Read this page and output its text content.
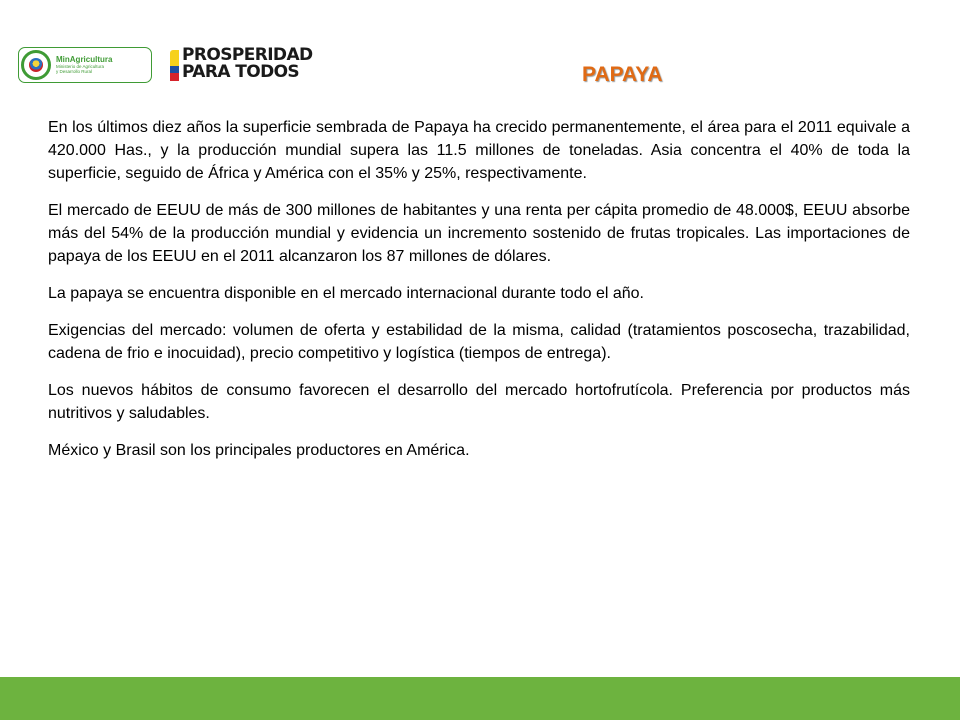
MinAgricultura
Ministerio de Agricultura
y Desarrollo Rural
PROSPERIDAD
PARA TODOS	PAPAYA

En los últimos diez años la superficie sembrada de Papaya ha crecido permanentemente, el área para el 2011 equivale a 420.000 Has., y la producción mundial supera las 11.5 millones de toneladas. Asia concentra el 40% de toda la superficie, seguido de África y América con el 35% y 25%, respectivamente.

El mercado de EEUU de más de 300 millones de habitantes y una renta per cápita promedio de 48.000$, EEUU absorbe más del 54% de la producción mundial y evidencia un incremento sostenido de frutas tropicales. Las importaciones de papaya de los EEUU en el 2011 alcanzaron los 87 millones de dólares.

La papaya se encuentra disponible en el mercado internacional durante todo el año.

Exigencias del mercado: volumen de oferta y estabilidad de la misma, calidad (tratamientos poscosecha, trazabilidad, cadena de frio e inocuidad), precio competitivo y logística (tiempos de entrega).

Los nuevos hábitos de consumo favorecen el desarrollo del mercado hortofrutícola. Preferencia por productos más nutritivos y saludables.

México y Brasil son los principales productores en América.
